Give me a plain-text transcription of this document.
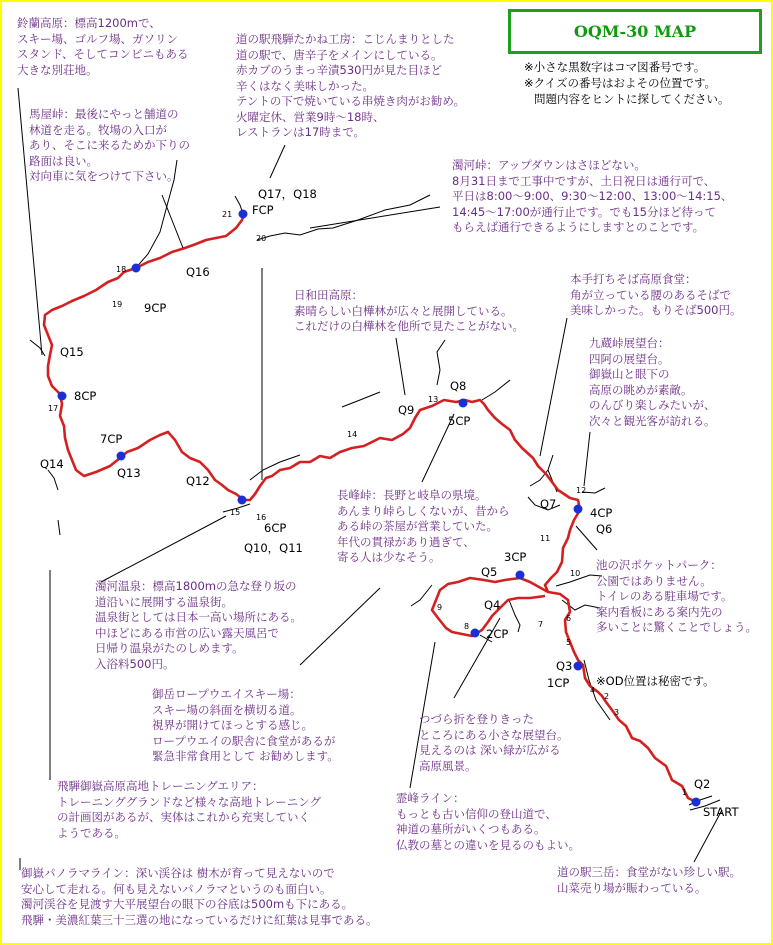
OQM-30 MAP
※小さな黒数字はコマ図番号です。
※クイズの番号はおよその位置です。
問題内容をヒントに探してください。
鈴蘭高原：標高1200mで、
スキー場、ゴルフ場、ガソリン
スタンド、そしてコンビニもある
大きな別荘地。
道の駅飛騨たかね工房：こじんまりとした
道の駅で、唐辛子をメインにしている。
赤カブのうまっ辛漬530円が見た目ほど
辛くはなく美味しかった。
テントの下で焼いている串焼き肉がお勧め。
火曜定休、営業9時～18時、
レストランは17時まで。
馬屋峠：最後にやっと舗道の
林道を走る。牧場の入口が
あり、そこに来るためか下りの
路面は良い。
対向車に気をつけて下さい。
濁河峠：アップダウンはさほどない。
8月31日まで工事中ですが、土日祝日は通行可で、
平日は8:00～9:00、9:30～12:00、13:00～14:15、
14:45～17:00が通行止です。でも15分ほど待って
もらえば通行できるようにしますとのことです。
日和田高原：
素晴らしい白樺林が広々と展開している。
これだけの白樺林を他所で見たことがない。
本手打ちそば高原食堂：
角が立っている腰のあるそばで
美味しかった。もりそば500円。
九蔵峠展望台：
四阿の展望台。
御嶽山と眼下の
高原の眺めが素敵。
のんびり楽しみたいが、
次々と観光客が訪れる。
長峰峠：長野と岐阜の県境。
あんまり峠らしくないが、昔から
ある峠の茶屋が営業していた。
年代の貫禄があり過ぎて、
寄る人は少なそう。
池の沢ポケットパーク：
公園ではありません。
トイレのある駐車場です。
案内看板にある案内先の
多いことに驚くことでしょう。
濁河温泉：標高1800mの急な登り坂の
道沿いに展開する温泉街。
温泉街としては日本一高い場所にある。
中ほどにある市営の広い露天風呂で
日帰り温泉がたのしめます。
入浴料500円。
御岳ロープウエイスキー場：
スキー場の斜面を横切る道。
視界が開けてほっとする感じ。
ロープウエイの駅舎に食堂があるが
緊急非常食用として お勧めします。
つづら折を登りきった
ところにある小さな展望台。
見えるのは 深い緑が広がる
高原風景。
飛騨御嶽高原高地トレーニングエリア：
トレーニンググランドなど様々な高地トレーニング
の計画図があるが、実体はこれから充実していく
ようである。
霊峰ライン：
もっとも古い信仰の登山道で、
神道の墓所がいくつもある。
仏教の墓との違いを見るのもよい。
御嶽パノラマライン：深い渓谷は 樹木が育って見えないので
安心して走れる。何も見えないパノラマというのも面白い。
濁河渓谷を見渡す大平展望台の眼下の谷底は500mも下にある。
飛騨・美濃紅葉三十三選の地になっているだけに紅葉は見事である。
道の駅三岳：食堂がない珍しい駅。
山菜売り場が賑わっている。
※OD位置は秘密です。
FCP
Q17，Q18
Q16
9CP
Q15
8CP
7CP
Q14
Q13
Q12
6CP
Q10，Q11
Q8
Q9
5CP
Q7
4CP
Q6
Q5
3CP
Q4
2CP
Q3
1CP
Q2
START
1
2
3
4
5
6
7
8
9
10
11
12
13
14
15
16
17
18
19
20
21
